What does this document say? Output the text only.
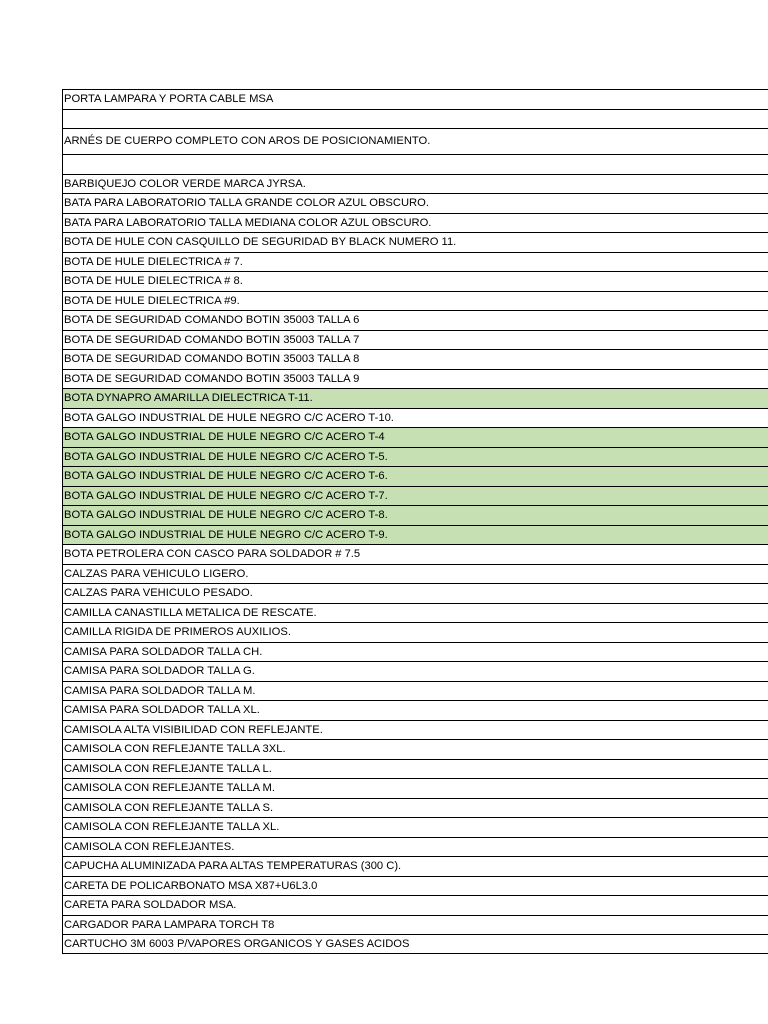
PORTA LAMPARA Y PORTA CABLE MSA
ARNÉS DE CUERPO COMPLETO CON AROS DE POSICIONAMIENTO.
BARBIQUEJO COLOR VERDE MARCA JYRSA.
BATA PARA LABORATORIO TALLA GRANDE COLOR AZUL OBSCURO.
BATA PARA LABORATORIO TALLA MEDIANA COLOR AZUL OBSCURO.
BOTA DE HULE CON CASQUILLO DE SEGURIDAD BY BLACK NUMERO 11.
BOTA DE HULE DIELECTRICA # 7.
BOTA DE HULE DIELECTRICA # 8.
BOTA DE HULE DIELECTRICA #9.
BOTA DE SEGURIDAD COMANDO BOTIN 35003 TALLA 6
BOTA DE SEGURIDAD COMANDO BOTIN 35003 TALLA 7
BOTA DE SEGURIDAD COMANDO BOTIN 35003 TALLA 8
BOTA DE SEGURIDAD COMANDO BOTIN 35003 TALLA 9
BOTA DYNAPRO AMARILLA DIELECTRICA T-11.
BOTA GALGO INDUSTRIAL DE HULE NEGRO C/C ACERO T-10.
BOTA GALGO INDUSTRIAL DE HULE NEGRO C/C ACERO T-4
BOTA GALGO INDUSTRIAL DE HULE NEGRO C/C ACERO T-5.
BOTA GALGO INDUSTRIAL DE HULE NEGRO C/C ACERO T-6.
BOTA GALGO INDUSTRIAL DE HULE NEGRO C/C ACERO T-7.
BOTA GALGO INDUSTRIAL DE HULE NEGRO C/C ACERO T-8.
BOTA GALGO INDUSTRIAL DE HULE NEGRO C/C ACERO T-9.
BOTA PETROLERA CON CASCO PARA SOLDADOR # 7.5
CALZAS PARA VEHICULO LIGERO.
CALZAS PARA VEHICULO PESADO.
CAMILLA CANASTILLA METALICA DE RESCATE.
CAMILLA RIGIDA DE PRIMEROS AUXILIOS.
CAMISA PARA SOLDADOR TALLA CH.
CAMISA PARA SOLDADOR TALLA G.
CAMISA PARA SOLDADOR TALLA M.
CAMISA PARA SOLDADOR TALLA XL.
CAMISOLA ALTA VISIBILIDAD CON REFLEJANTE.
CAMISOLA CON REFLEJANTE TALLA 3XL.
CAMISOLA CON REFLEJANTE TALLA L.
CAMISOLA CON REFLEJANTE TALLA M.
CAMISOLA CON REFLEJANTE TALLA S.
CAMISOLA CON REFLEJANTE TALLA XL.
CAMISOLA CON REFLEJANTES.
CAPUCHA ALUMINIZADA PARA ALTAS TEMPERATURAS (300 C).
CARETA DE POLICARBONATO MSA X87+U6L3.0
CARETA PARA SOLDADOR MSA.
CARGADOR PARA LAMPARA TORCH T8
CARTUCHO 3M 6003 P/VAPORES ORGANICOS Y GASES ACIDOS
